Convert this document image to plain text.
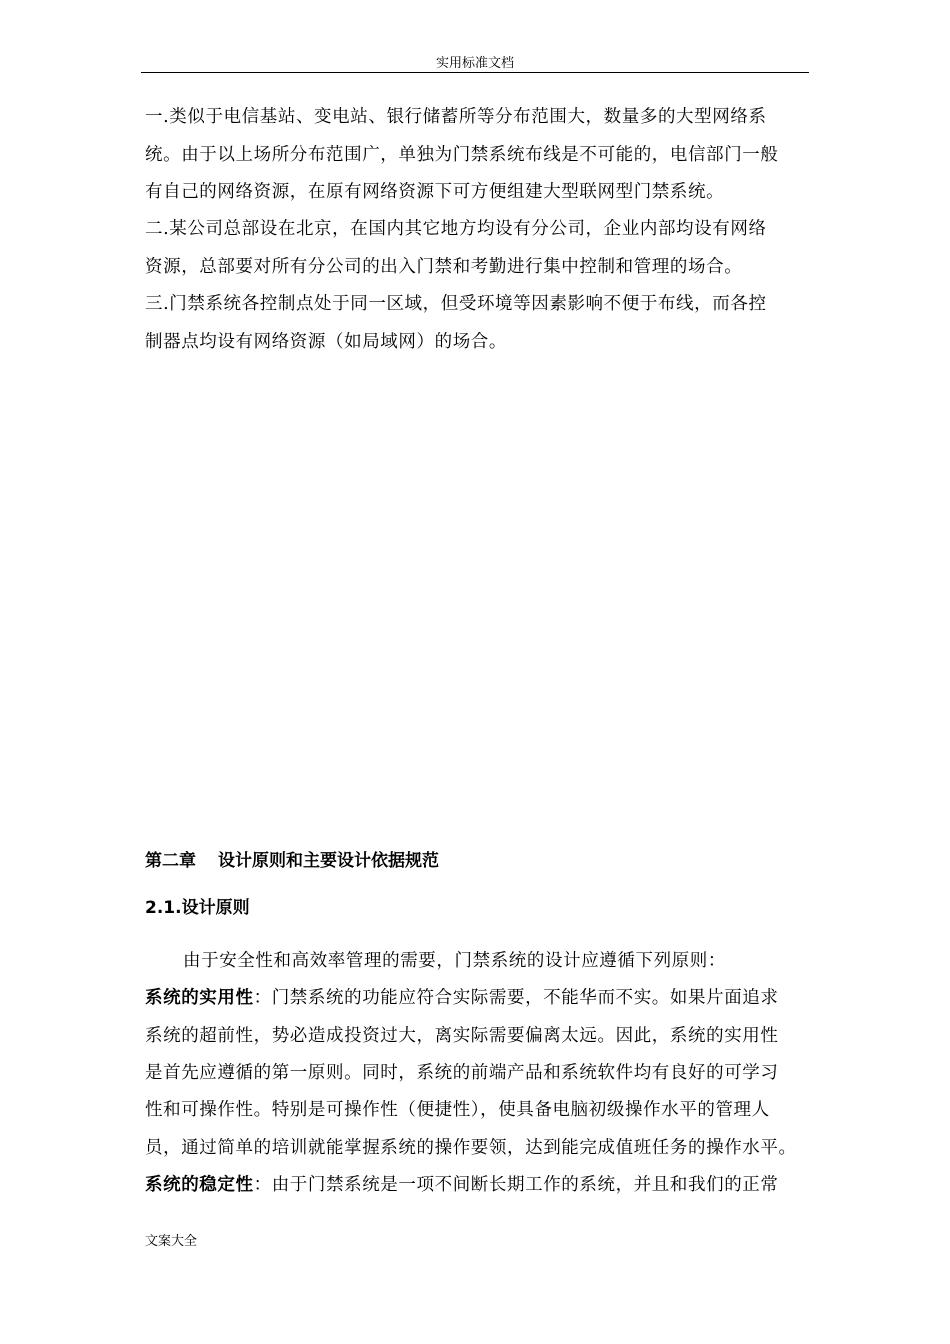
实用标准文档
一.类似于电信基站、变电站、银行储蓄所等分布范围大，数量多的大型网络系
统。由于以上场所分布范围广，单独为门禁系统布线是不可能的，电信部门一般
有自己的网络资源，在原有网络资源下可方便组建大型联网型门禁系统。
二.某公司总部设在北京，在国内其它地方均设有分公司，企业内部均设有网络
资源，总部要对所有分公司的出入门禁和考勤进行集中控制和管理的场合。
三.门禁系统各控制点处于同一区域，但受环境等因素影响不便于布线，而各控
制器点均设有网络资源（如局域网）的场合。
第二章 设计原则和主要设计依据规范
2.1.设计原则
由于安全性和高效率管理的需要，门禁系统的设计应遵循下列原则：
系统的实用性：门禁系统的功能应符合实际需要，不能华而不实。如果片面追求
系统的超前性，势必造成投资过大，离实际需要偏离太远。因此，系统的实用性
是首先应遵循的第一原则。同时，系统的前端产品和系统软件均有良好的可学习
性和可操作性。特别是可操作性（便捷性），使具备电脑初级操作水平的管理人
员，通过简单的培训就能掌握系统的操作要领，达到能完成值班任务的操作水平。
系统的稳定性：由于门禁系统是一项不间断长期工作的系统，并且和我们的正常
文案大全
